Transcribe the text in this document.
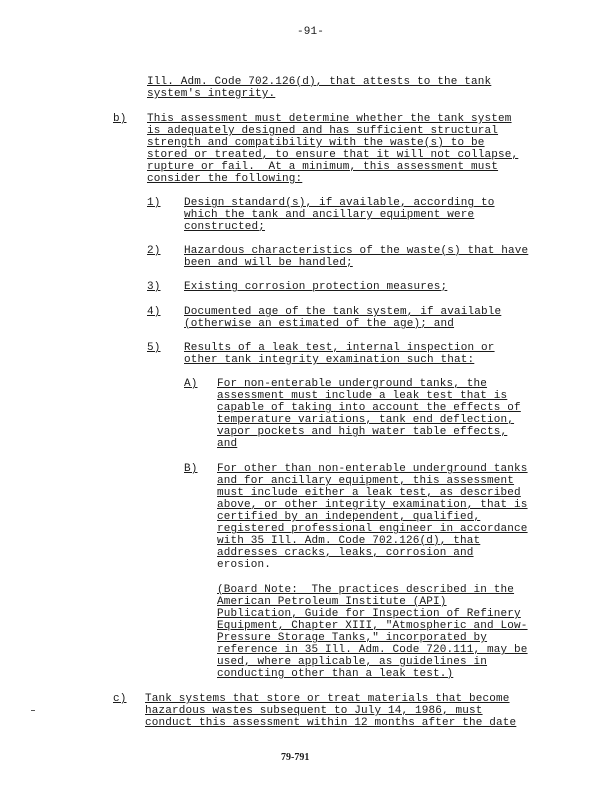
-91-
Ill. Adm. Code 702.126(d), that attests to the tank
system's integrity.
b) This assessment must determine whether the tank system
is adequately designed and has sufficient structural
strength and compatibility with the waste(s) to be
stored or treated, to ensure that it will not collapse,
rupture or fail.  At a minimum, this assessment must
consider the following:
1) Design standard(s), if available, according to
which the tank and ancillary equipment were
constructed;
2) Hazardous characteristics of the waste(s) that have
been and will be handled;
3) Existing corrosion protection measures;
4) Documented age of the tank system, if available
(otherwise an estimated of the age); and
5) Results of a leak test, internal inspection or
other tank integrity examination such that:
A) For non-enterable underground tanks, the
assessment must include a leak test that is
capable of taking into account the effects of
temperature variations, tank end deflection,
vapor pockets and high water table effects,
and
B) For other than non-enterable underground tanks
and for ancillary equipment, this assessment
must include either a leak test, as described
above, or other integrity examination, that is
certified by an independent, qualified,
registered professional engineer in accordance
with 35 Ill. Adm. Code 702.126(d), that
addresses cracks, leaks, corrosion and
erosion.
(Board Note:  The practices described in the
American Petroleum Institute (API)
Publication, Guide for Inspection of Refinery
Equipment, Chapter XIII, "Atmospheric and Low-
Pressure Storage Tanks," incorporated by
reference in 35 Ill. Adm. Code 720.111, may be
used, where applicable, as guidelines in
conducting other than a leak test.)
c) Tank systems that store or treat materials that become
hazardous wastes subsequent to July 14, 1986, must
conduct this assessment within 12 months after the date
79-791
